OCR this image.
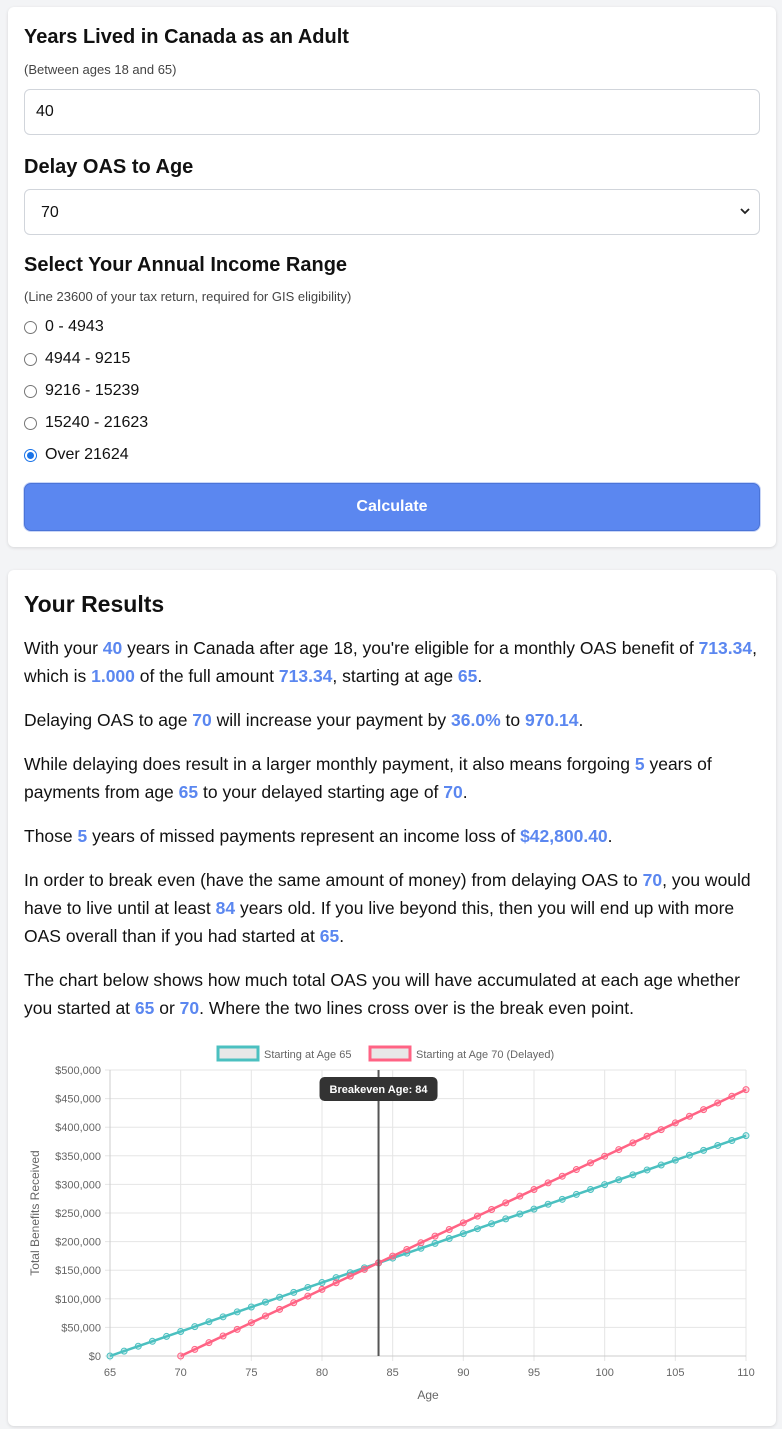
Years Lived in Canada as an Adult
(Between ages 18 and 65)
40
Delay OAS to Age
70
Select Your Annual Income Range
(Line 23600 of your tax return, required for GIS eligibility)
0 - 4943
4944 - 9215
9216 - 15239
15240 - 21623
Over 21624
Calculate
Your Results
With your 40 years in Canada after age 18, you're eligible for a monthly OAS benefit of 713.34, which is 1.000 of the full amount 713.34, starting at age 65.
Delaying OAS to age 70 will increase your payment by 36.0% to 970.14.
While delaying does result in a larger monthly payment, it also means forgoing 5 years of payments from age 65 to your delayed starting age of 70.
Those 5 years of missed payments represent an income loss of $42,800.40.
In order to break even (have the same amount of money) from delaying OAS to 70, you would have to live until at least 84 years old. If you live beyond this, then you will end up with more OAS overall than if you had started at 65.
The chart below shows how much total OAS you will have accumulated at each age whether you started at 65 or 70. Where the two lines cross over is the break even point.
$0
$50,000
$100,000
$150,000
$200,000
$250,000
$300,000
$350,000
$400,000
$450,000
$500,000
65	70	75	80	85	90	95	100	105	110
Age
Total Benefits Received
Breakeven Age: 84
Starting at Age 65	Starting at Age 70 (Delayed)
